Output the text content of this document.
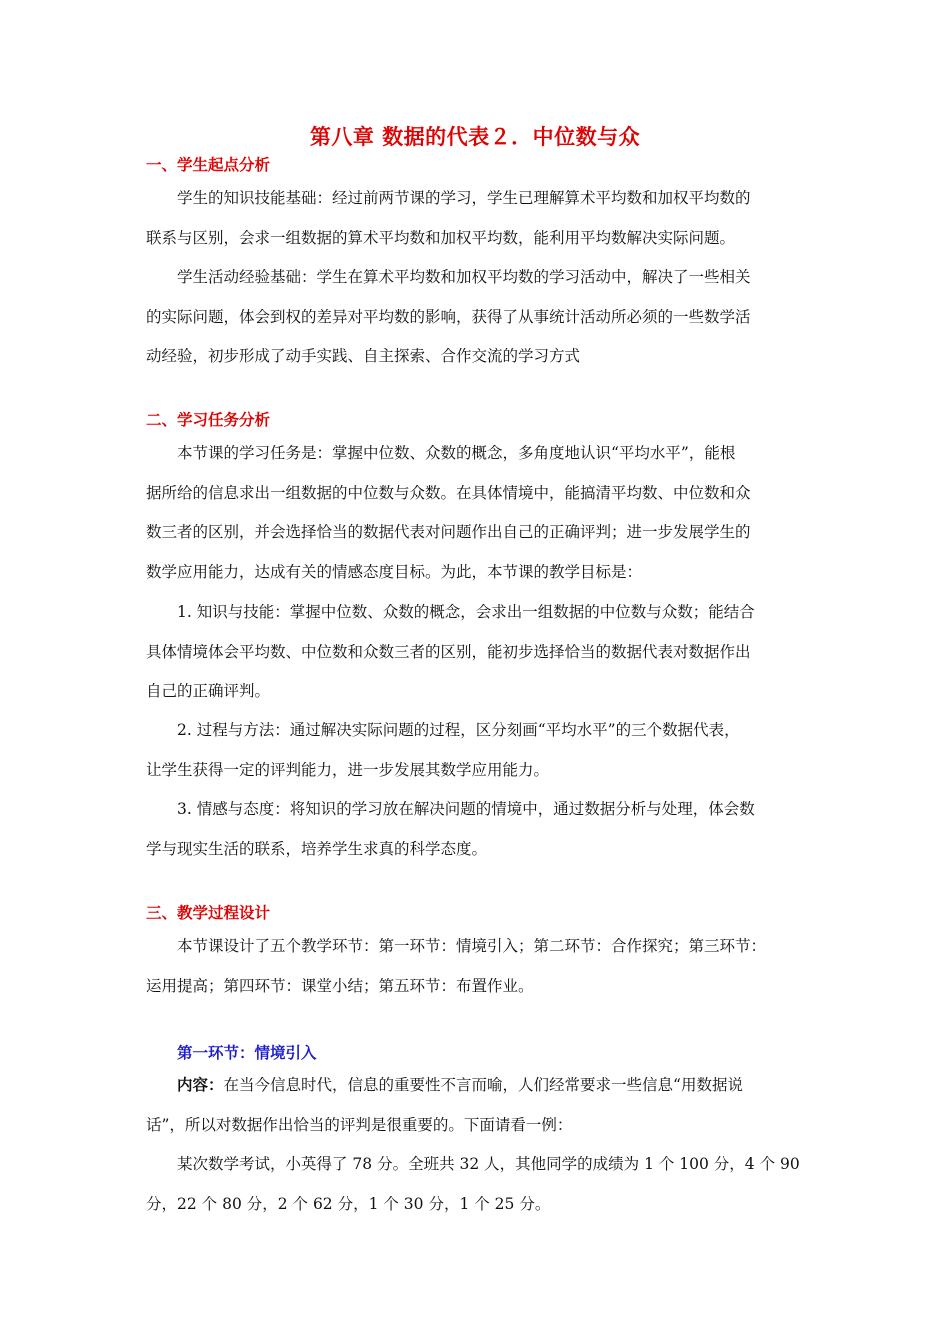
第八章 数据的代表２．中位数与众
一、学生起点分析
学生的知识技能基础：经过前两节课的学习，学生已理解算术平均数和加权平均数的
联系与区别，会求一组数据的算术平均数和加权平均数，能利用平均数解决实际问题。
学生活动经验基础：学生在算术平均数和加权平均数的学习活动中，解决了一些相关
的实际问题，体会到权的差异对平均数的影响，获得了从事统计活动所必须的一些数学活
动经验，初步形成了动手实践、自主探索、合作交流的学习方式
二、学习任务分析
本节课的学习任务是：掌握中位数、众数的概念，多角度地认识“平均水平”，能根
据所给的信息求出一组数据的中位数与众数。在具体情境中，能搞清平均数、中位数和众
数三者的区别，并会选择恰当的数据代表对问题作出自己的正确评判；进一步发展学生的
数学应用能力，达成有关的情感态度目标。为此，本节课的教学目标是：
1. 知识与技能：掌握中位数、众数的概念，会求出一组数据的中位数与众数；能结合
具体情境体会平均数、中位数和众数三者的区别，能初步选择恰当的数据代表对数据作出
自己的正确评判。
2. 过程与方法：通过解决实际问题的过程，区分刻画“平均水平”的三个数据代表，
让学生获得一定的评判能力，进一步发展其数学应用能力。
3. 情感与态度：将知识的学习放在解决问题的情境中，通过数据分析与处理，体会数
学与现实生活的联系，培养学生求真的科学态度。
三、教学过程设计
本节课设计了五个教学环节：第一环节：情境引入；第二环节：合作探究；第三环节：
运用提高；第四环节：课堂小结；第五环节：布置作业。
第一环节：情境引入
内容：在当今信息时代，信息的重要性不言而喻，人们经常要求一些信息“用数据说
话”，所以对数据作出恰当的评判是很重要的。下面请看一例：
某次数学考试，小英得了 78 分。全班共 32 人，其他同学的成绩为 1 个 100 分，4 个 90
分，22 个 80 分，2 个 62 分，1 个 30 分，1 个 25 分。
